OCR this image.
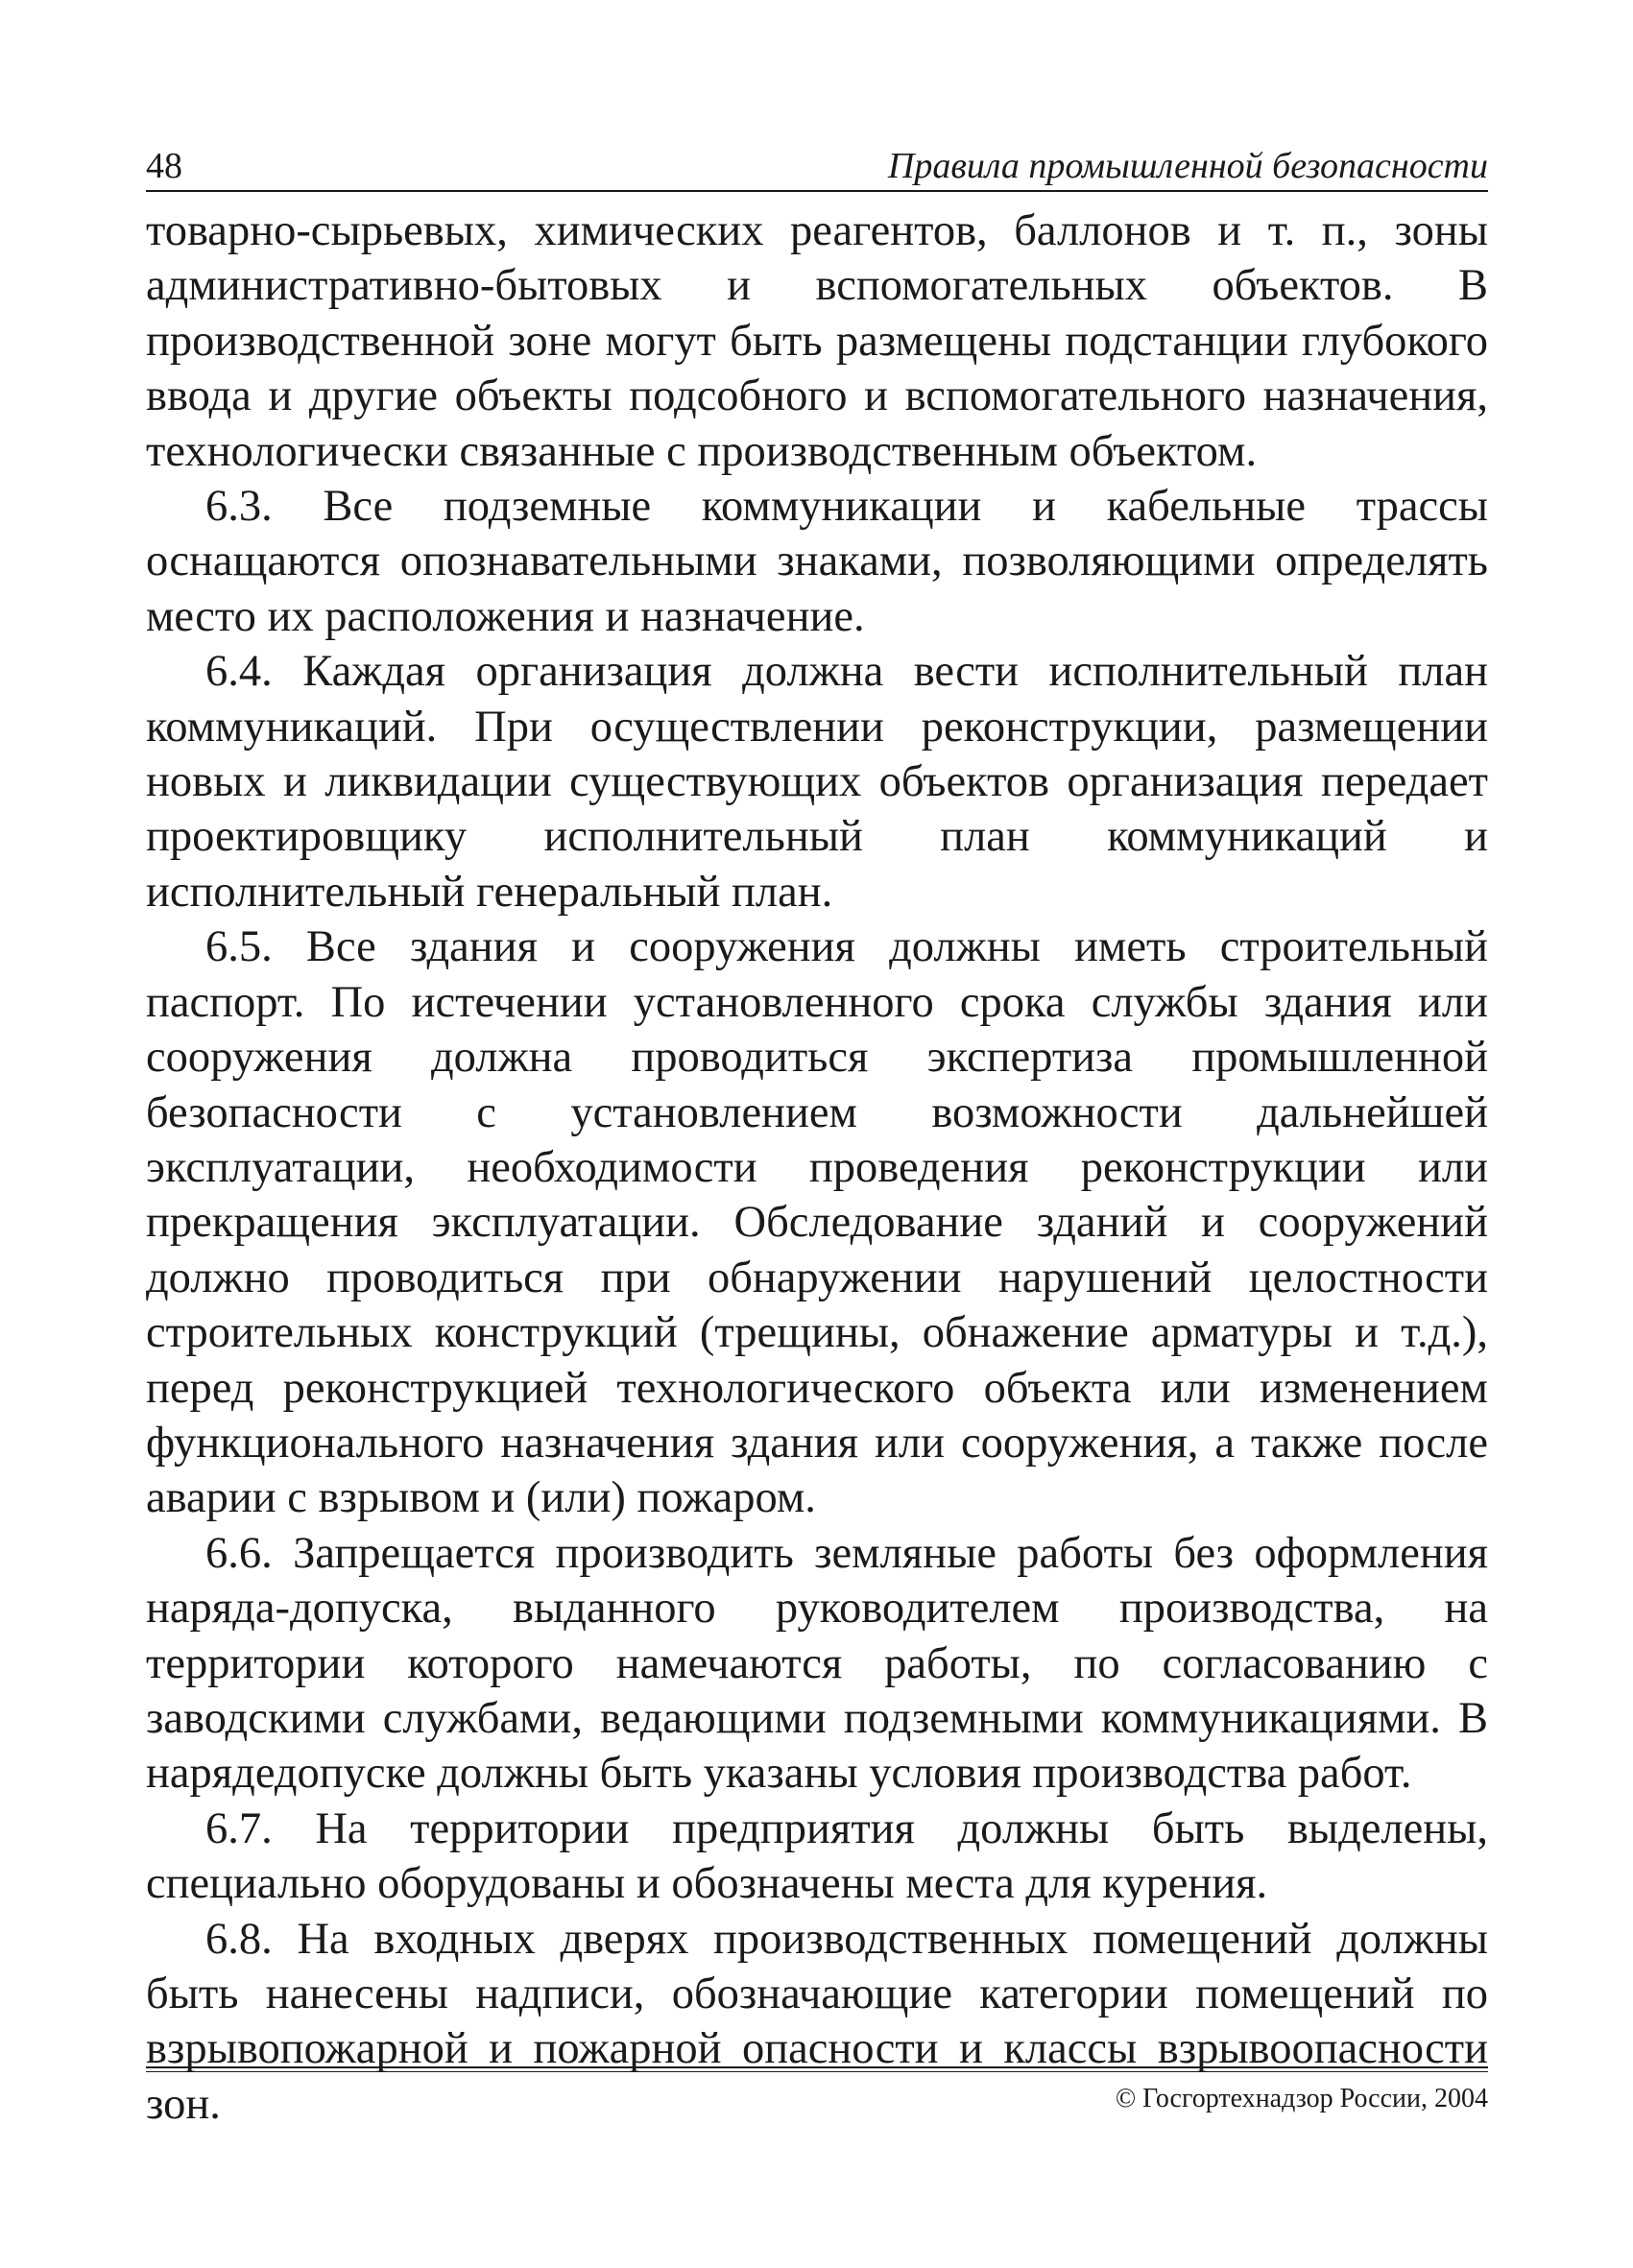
48	Правила промышленной безопасности

товарно-сырьевых, химических реагентов, баллонов и т. п., зоны административно-бытовых и вспомогательных объектов. В производственной зоне могут быть размещены подстанции глубокого ввода и другие объекты подсобного и вспомогательного назначения, технологически связанные с производственным объектом.

6.3. Все подземные коммуникации и кабельные трассы оснащаются опознавательными знаками, позволяющими определять место их расположения и назначение.

6.4. Каждая организация должна вести исполнительный план коммуникаций. При осуществлении реконструкции, размещении новых и ликвидации существующих объектов организация передает проектировщику исполнительный план коммуникаций и исполнительный генеральный план.

6.5. Все здания и сооружения должны иметь строительный паспорт. По истечении установленного срока службы здания или сооружения должна проводиться экспертиза промышленной безопасности с установлением возможности дальнейшей эксплуатации, необходимости проведения реконструкции или прекращения эксплуатации. Обследование зданий и сооружений должно проводиться при обнаружении нарушений целостности строительных конструкций (трещины, обнажение арматуры и т.д.), перед реконструкцией технологического объекта или изменением функционального назначения здания или сооружения, а также после аварии с взрывом и (или) пожаром.

6.6. Запрещается производить земляные работы без оформления наряда-допуска, выданного руководителем производства, на территории которого намечаются работы, по согласованию с заводскими службами, ведающими подземными коммуникациями. В нарядедопуске должны быть указаны условия производства работ.

6.7. На территории предприятия должны быть выделены, специально оборудованы и обозначены места для курения.

6.8. На входных дверях производственных помещений должны быть нанесены надписи, обозначающие категории помещений по взрывопожарной и пожарной опасности и классы взрывоопасности зон.	© Госгортехнадзор России, 2004
